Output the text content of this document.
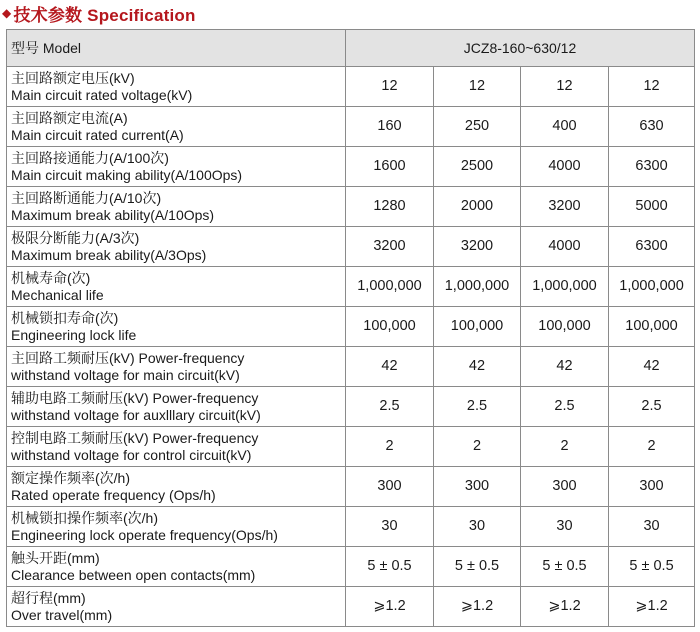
◆ 技术参数 Specification
型号 Model	JCZ8-160~630/12			

主回路额定电压(kV)
Main circuit rated voltage(kV)	12	12	12	12

主回路额定电流(A)
Main circuit rated current(A)	160	250	400	630

主回路接通能力(A/100次)
Main circuit making ability(A/100Ops)	1600	2500	4000	6300

主回路断通能力(A/10次)
Maximum break ability(A/10Ops)	1280	2000	3200	5000

极限分断能力(A/3次)
Maximum break ability(A/3Ops)	3200	3200	4000	6300

机械寿命(次)
Mechanical life	1,000,000	1,000,000	1,000,000	1,000,000

机械锁扣寿命(次)
Engineering lock life	100,000	100,000	100,000	100,000

主回路工频耐压(kV) Power-frequency
withstand voltage for main circuit(kV)	42	42	42	42

辅助电路工频耐压(kV) Power-frequency
withstand voltage for auxlllary circuit(kV)	2.5	2.5	2.5	2.5

控制电路工频耐压(kV) Power-frequency
withstand voltage for control circuit(kV)	2	2	2	2

额定操作频率(次/h)
Rated operate frequency (Ops/h)	300	300	300	300

机械锁扣操作频率(次/h)
Engineering lock operate frequency(Ops/h)	30	30	30	30

触头开距(mm)
Clearance between open contacts(mm)	5 ± 0.5	5 ± 0.5	5 ± 0.5	5 ± 0.5

超行程(mm)
Over travel(mm)	⩾1.2	⩾1.2	⩾1.2	⩾1.2
